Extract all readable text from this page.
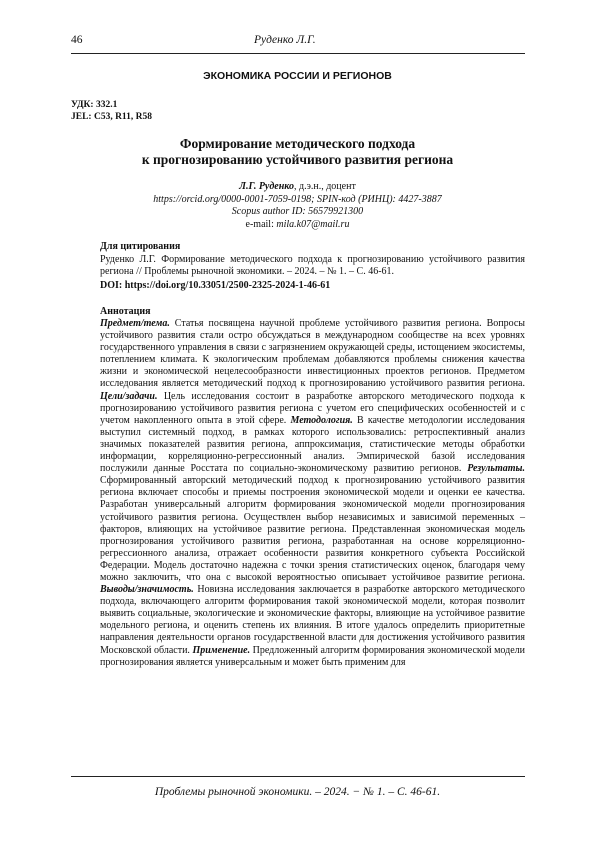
46	Руденко Л.Г.
ЭКОНОМИКА РОССИИ И РЕГИОНОВ
УДК: 332.1
JEL: C53, R11, R58
Формирование методического подхода
к прогнозированию устойчивого развития региона
Л.Г. Руденко, д.э.н., доцент
https://orcid.org/0000-0001-7059-0198; SPIN-код (РИНЦ): 4427-3887
Scopus author ID: 56579921300
e-mail: mila.k07@mail.ru
Для цитирования
Руденко Л.Г. Формирование методического подхода к прогнозированию устойчивого развития региона // Проблемы рыночной экономики. – 2024. – № 1. – С. 46-61.
DOI: https://doi.org/10.33051/2500-2325-2024-1-46-61
Аннотация
Предмет/тема. Статья посвящена научной проблеме устойчивого развития региона. Вопросы устойчивого развития стали остро обсуждаться в международном сообществе на всех уровнях государственного управления в связи с загрязнением окружающей среды, истощением экосистемы, потеплением климата. К экологическим проблемам добавляются проблемы снижения качества жизни и экономической нецелесообразности инвестиционных проектов регионов. Предметом исследования является методический подход к прогнозированию устойчивого развития региона. Цели/задачи. Цель исследования состоит в разработке авторского методического подхода к прогнозированию устойчивого развития региона с учетом его специфических особенностей и с учетом накопленного опыта в этой сфере. Методология. В качестве методологии исследования выступил системный подход, в рамках которого использовались: ретроспективный анализ значимых показателей развития региона, аппроксимация, статистические методы обработки информации, корреляционно-регрессионный анализ. Эмпирической базой исследования послужили данные Росстата по социально-экономическому развитию регионов. Результаты. Сформированный авторский методический подход к прогнозированию устойчивого развития региона включает способы и приемы построения экономической модели и оценки ее качества. Разработан универсальный алгоритм формирования экономической модели прогнозирования устойчивого развития региона. Осуществлен выбор независимых и зависимой переменных – факторов, влияющих на устойчивое развитие региона. Представленная экономическая модель прогнозирования устойчивого развития региона, разработанная на основе корреляционно-регрессионного анализа, отражает особенности развития конкретного субъекта Российской Федерации. Модель достаточно надежна с точки зрения статистических оценок, благодаря чему можно заключить, что она с высокой вероятностью описывает устойчивое развитие региона. Выводы/значимость. Новизна исследования заключается в разработке авторского методического подхода, включающего алгоритм формирования такой экономической модели, которая позволит выявить социальные, экологические и экономические факторы, влияющие на устойчивое развитие модельного региона, и оценить степень их влияния. В итоге удалось определить приоритетные направления деятельности органов государственной власти для достижения устойчивого развития Московской области. Применение. Предложенный алгоритм формирования экономической модели прогнозирования является универсальным и может быть применим для
Проблемы рыночной экономики. – 2024. − № 1. – С. 46-61.
